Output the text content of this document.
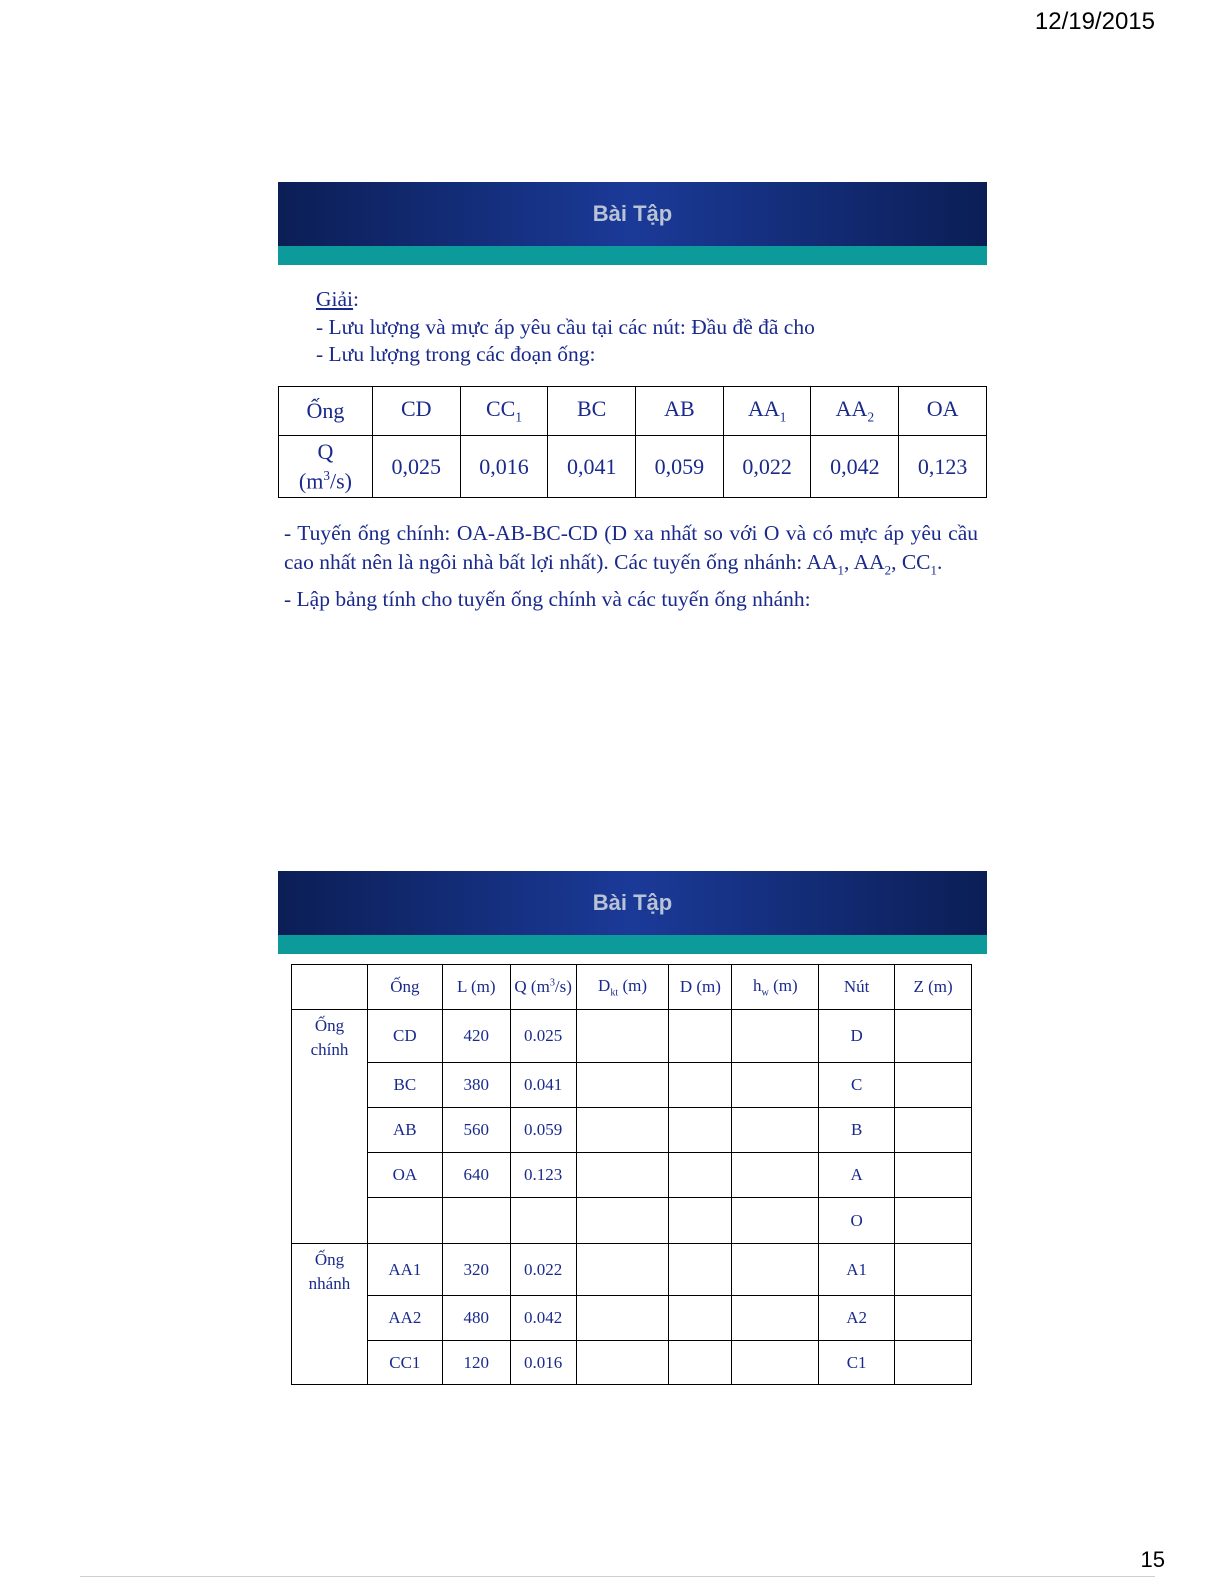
12/19/2015
Bài Tập
Giải:
- Lưu lượng và mực áp yêu cầu tại các nút: Đầu đề đã cho
- Lưu lượng trong các đoạn ống:
Ống	CD	$CC_1$	BC	AB	$AA_1$	$AA_2$	OA

Q
$(m^3/s)$	0,025	0,016	0,041	0,059	0,022	0,042	0,123

- Tuyến ống chính: OA-AB-BC-CD (D xa nhất so với O và có mực áp yêu cầu cao nhất nên là ngôi nhà bất lợi nhất). Các tuyến ống nhánh: $AA_1$, $AA_2$, $CC_1$.

- Lập bảng tính cho tuyến ống chính và các tuyến ống nhánh:

Bài Tập
	Ống	L (m)	Q $(m^3/s)$	$D_{kt}$ (m)	D (m)	$h_w$ (m)	Nút	Z (m)

Ống
chính	CD	420	0.025				D	
	BC	380	0.041				C	
	AB	560	0.059				B	
	OA	640	0.123				A	
							O	

Ống
nhánh	AA1	320	0.022				A1	
	AA2	480	0.042				A2	
	CC1	120	0.016				C1	
15
